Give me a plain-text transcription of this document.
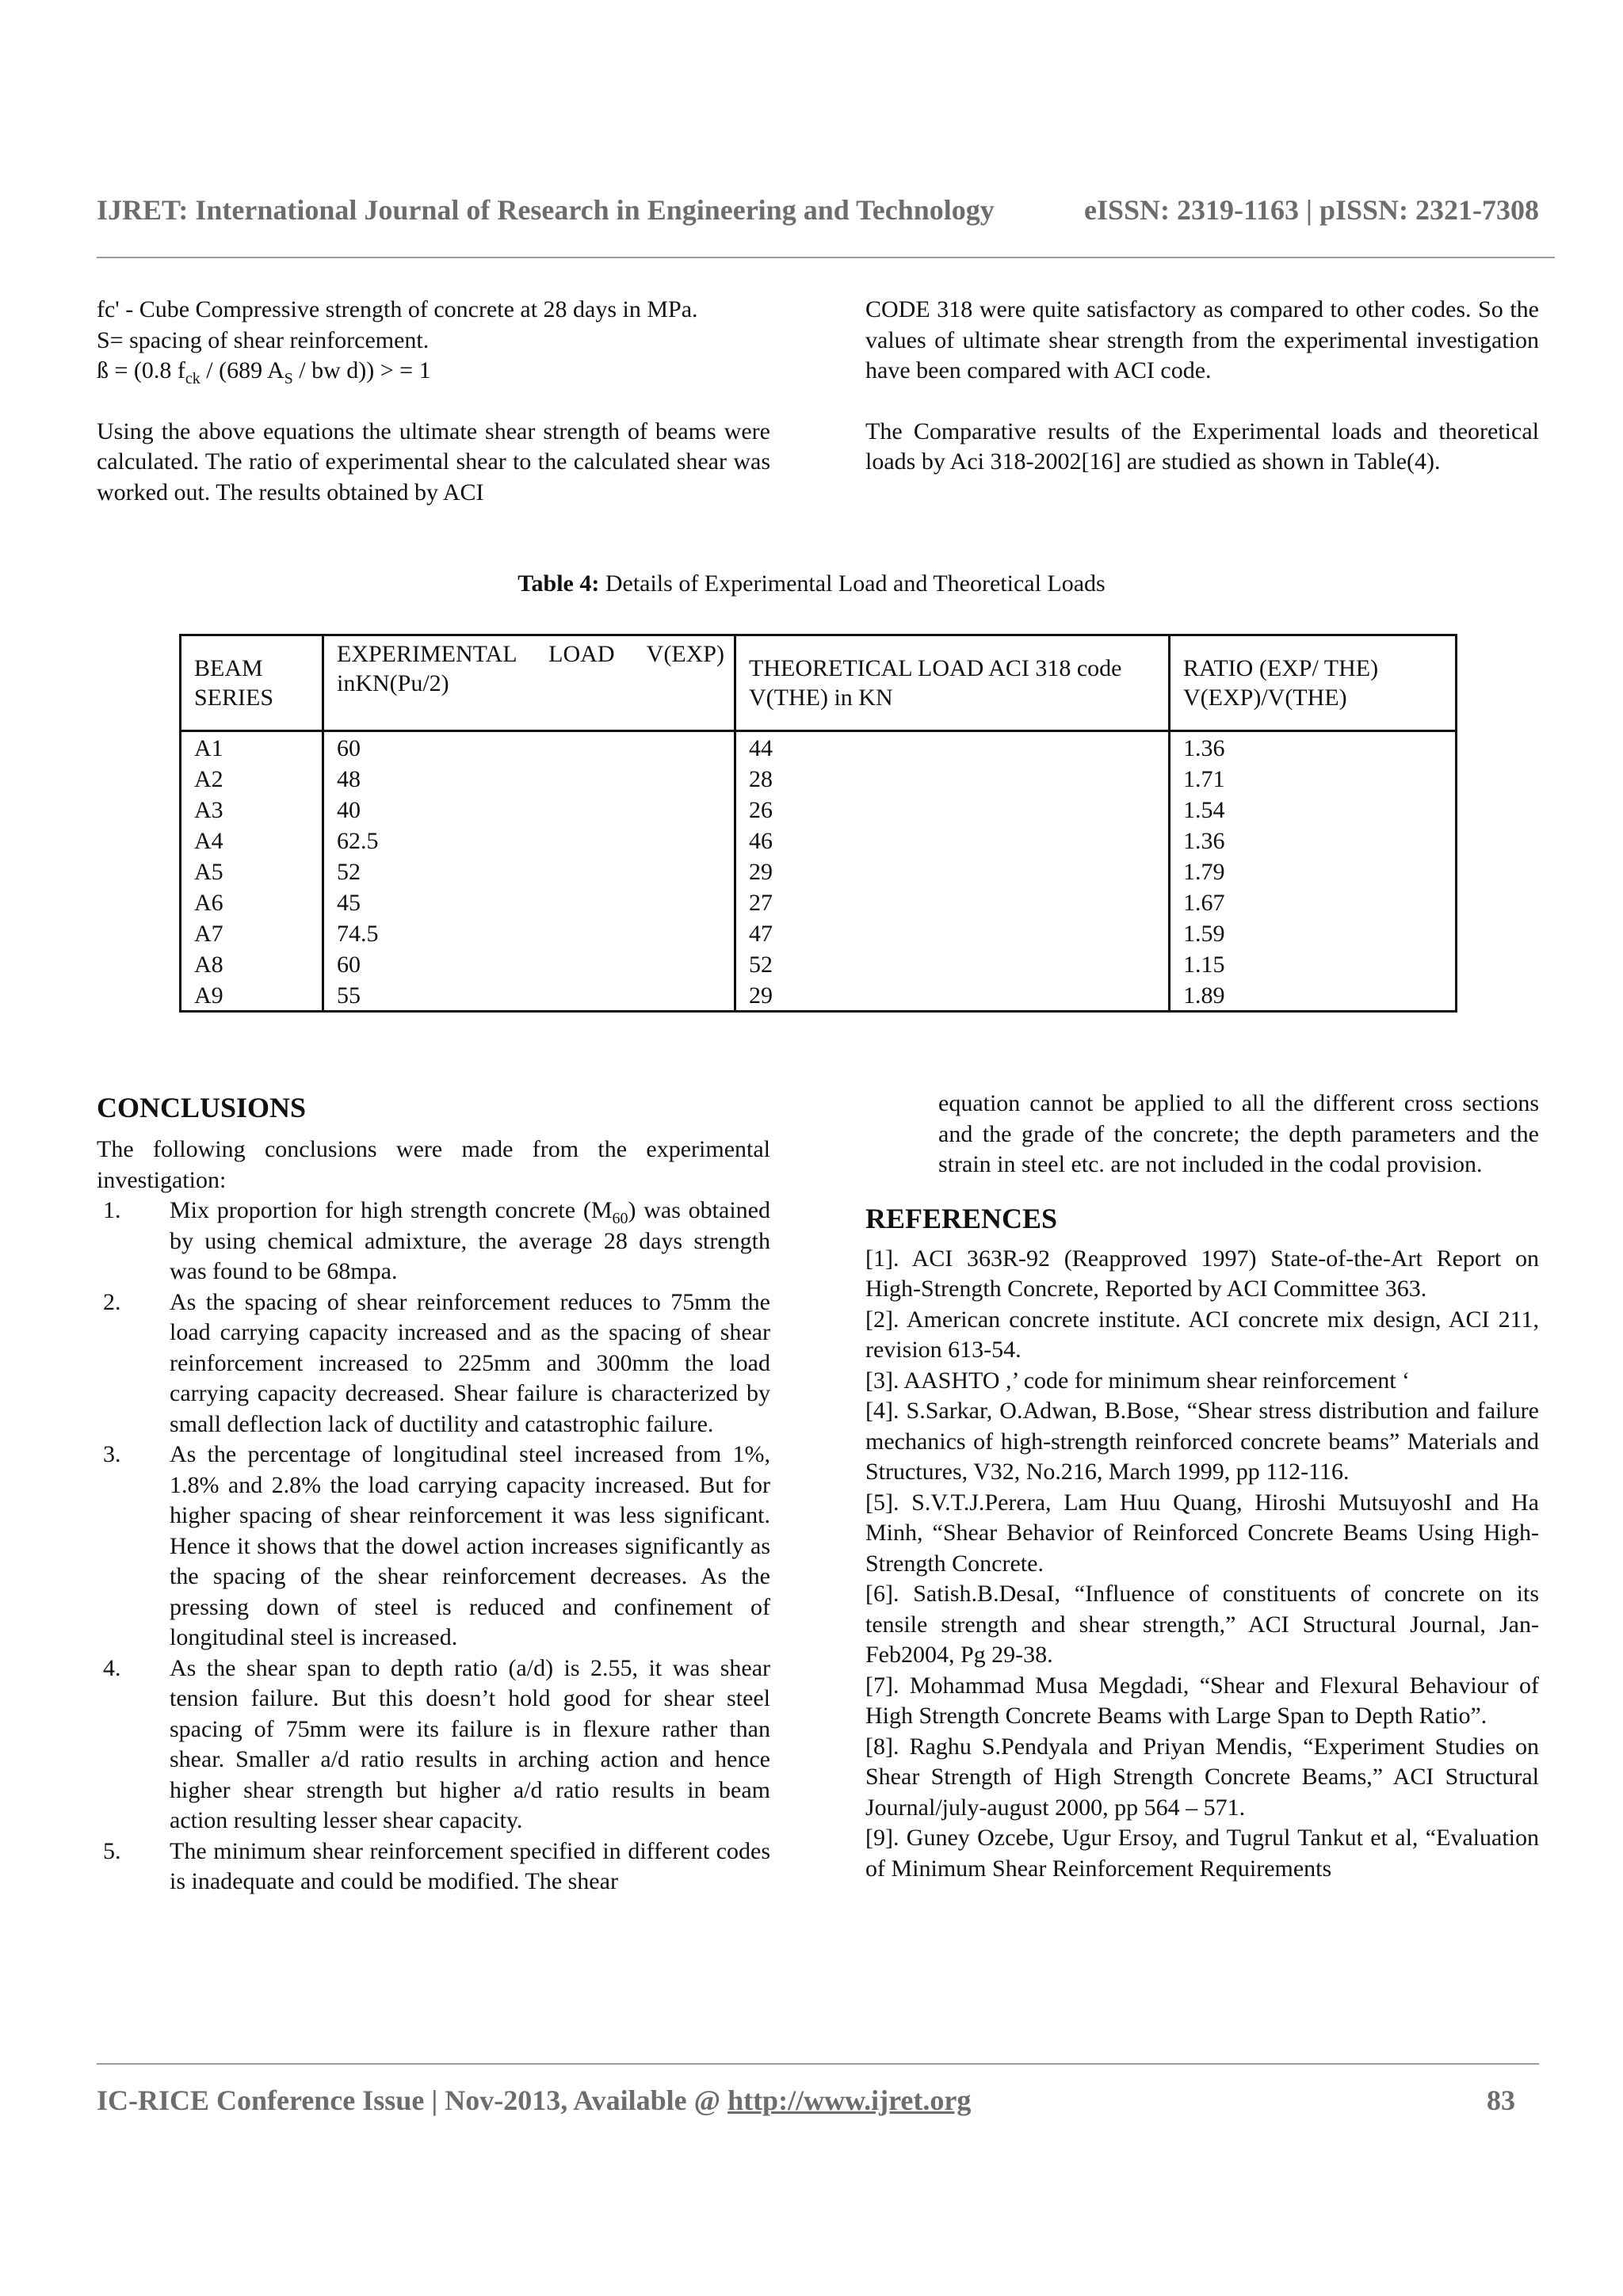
IJRET: International Journal of Research in Engineering and Technology	eISSN: 2319-1163 | pISSN: 2321-7308

fc' - Cube Compressive strength of concrete at 28 days in MPa.

S= spacing of shear reinforcement.

ß = (0.8 $f_{ck} / (689$ $A_S$ / bw d)) > = 1

Using the above equations the ultimate shear strength of beams were calculated. The ratio of experimental shear to the calculated shear was worked out. The results obtained by ACI

CODE 318 were quite satisfactory as compared to other codes. So the values of ultimate shear strength from the experimental investigation have been compared with ACI code.

The Comparative results of the Experimental loads and theoretical loads by Aci 318-2002[16] are studied as shown in Table(4).

Table 4: Details of Experimental Load and Theoretical Loads
BEAM SERIES	EXPERIMENTAL LOAD V(EXP) inKN(Pu/2)	THEORETICAL LOAD ACI 318 code V(THE) in KN	RATIO (EXP/ THE) V(EXP)/V(THE)
A1	60	44	1.36
A2	48	28	1.71
A3	40	26	1.54
A4	62.5	46	1.36
A5	52	29	1.79
A6	45	27	1.67
A7	74.5	47	1.59
A8	60	52	1.15
A9	55	29	1.89
CONCLUSIONS

The following conclusions were made from the experimental investigation:

1. Mix proportion for high strength concrete $(M_{60})$ was obtained by using chemical admixture, the average 28 days strength was found to be 68mpa.
2. As the spacing of shear reinforcement reduces to 75mm the load carrying capacity increased and as the spacing of shear reinforcement increased to 225mm and 300mm the load carrying capacity decreased. Shear failure is characterized by small deflection lack of ductility and catastrophic failure.
3. As the percentage of longitudinal steel increased from 1%, 1.8% and 2.8% the load carrying capacity increased. But for higher spacing of shear reinforcement it was less significant. Hence it shows that the dowel action increases significantly as the spacing of the shear reinforcement decreases. As the pressing down of steel is reduced and confinement of longitudinal steel is increased.
4. As the shear span to depth ratio (a/d) is 2.55, it was shear tension failure. But this doesn’t hold good for shear steel spacing of 75mm were its failure is in flexure rather than shear. Smaller a/d ratio results in arching action and hence higher shear strength but higher a/d ratio results in beam action resulting lesser shear capacity.
5. The minimum shear reinforcement specified in different codes is inadequate and could be modified. The shear

equation cannot be applied to all the different cross sections and the grade of the concrete; the depth parameters and the strain in steel etc. are not included in the codal provision.

REFERENCES

[1]. ACI 363R-92 (Reapproved 1997) State-of-the-Art Report on High-Strength Concrete, Reported by ACI Committee 363.

[2]. American concrete institute. ACI concrete mix design, ACI 211, revision 613-54.

[3]. AASHTO ,’ code for minimum shear reinforcement ‘

[4]. S.Sarkar, O.Adwan, B.Bose, “Shear stress distribution and failure mechanics of high-strength reinforced concrete beams” Materials and Structures, V32, No.216, March 1999, pp 112-116.

[5]. S.V.T.J.Perera, Lam Huu Quang, Hiroshi MutsuyoshI and Ha Minh, “Shear Behavior of Reinforced Concrete Beams Using High-Strength Concrete.

[6]. Satish.B.DesaI, “Influence of constituents of concrete on its tensile strength and shear strength,” ACI Structural Journal, Jan-Feb2004, Pg 29-38.

[7]. Mohammad Musa Megdadi, “Shear and Flexural Behaviour of High Strength Concrete Beams with Large Span to Depth Ratio”.

[8]. Raghu S.Pendyala and Priyan Mendis, “Experiment Studies on Shear Strength of High Strength Concrete Beams,” ACI Structural Journal/july-august 2000, pp 564 – 571.

[9]. Guney Ozcebe, Ugur Ersoy, and Tugrul Tankut et al, “Evaluation of Minimum Shear Reinforcement Requirements

IC-RICE Conference Issue | Nov-2013, Available @ http://www.ijret.org	83
